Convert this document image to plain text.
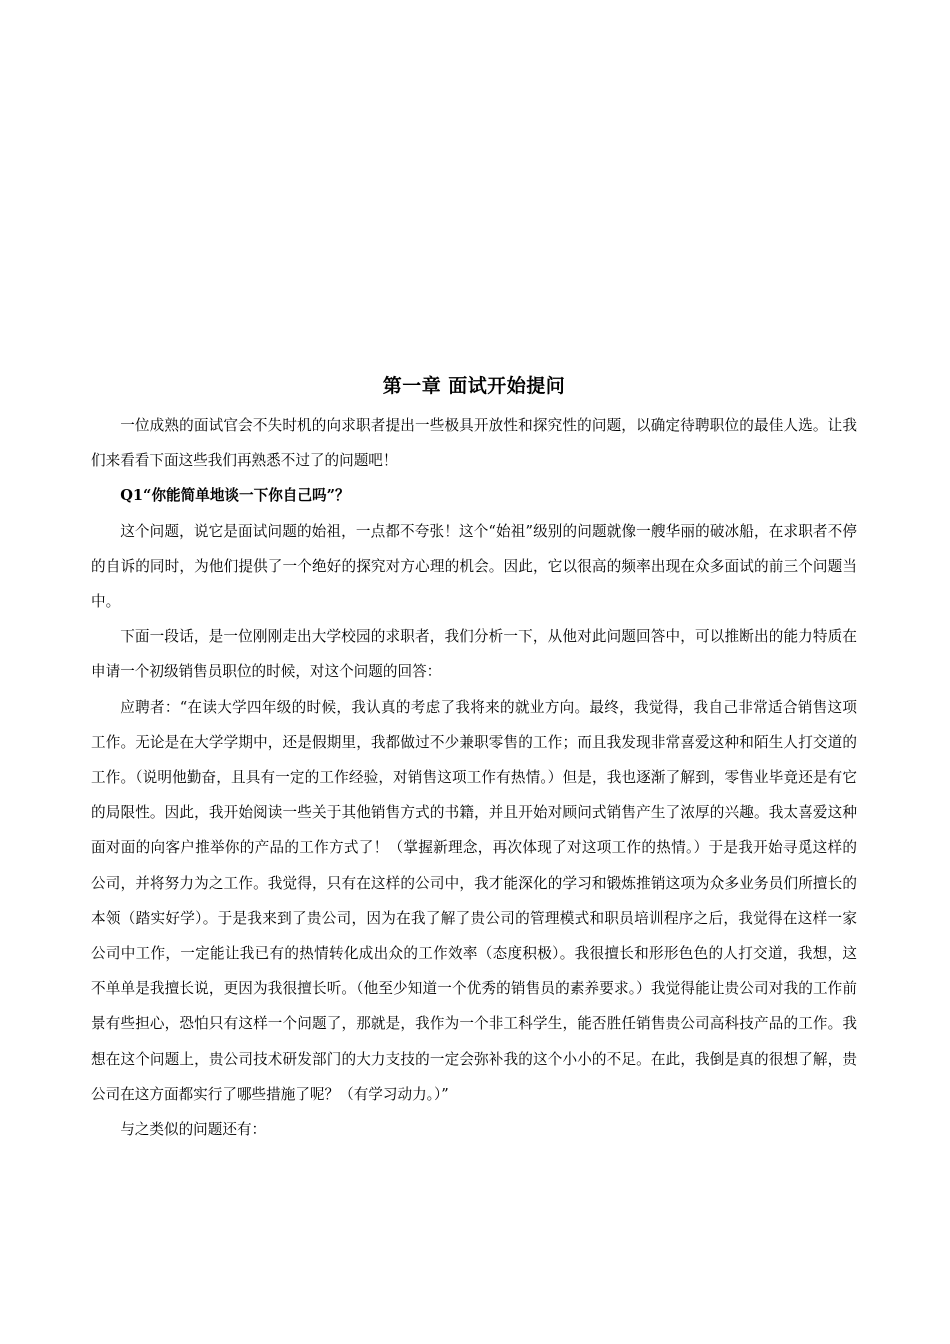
第一章 面试开始提问

一位成熟的面试官会不失时机的向求职者提出一些极具开放性和探究性的问题，以确定待聘职位的最佳人选。让我们来看看下面这些我们再熟悉不过了的问题吧！

Q1“你能简单地谈一下你自己吗”？

这个问题，说它是面试问题的始祖，一点都不夸张！这个“始祖”级别的问题就像一艘华丽的破冰船，在求职者不停的自诉的同时，为他们提供了一个绝好的探究对方心理的机会。因此，它以很高的频率出现在众多面试的前三个问题当中。

下面一段话，是一位刚刚走出大学校园的求职者，我们分析一下，从他对此问题回答中，可以推断出的能力特质在申请一个初级销售员职位的时候，对这个问题的回答：

应聘者：“在读大学四年级的时候，我认真的考虑了我将来的就业方向。最终，我觉得，我自己非常适合销售这项工作。无论是在大学学期中，还是假期里，我都做过不少兼职零售的工作；而且我发现非常喜爱这种和陌生人打交道的工作。（说明他勤奋，且具有一定的工作经验，对销售这项工作有热情。）但是，我也逐渐了解到，零售业毕竟还是有它的局限性。因此，我开始阅读一些关于其他销售方式的书籍，并且开始对顾问式销售产生了浓厚的兴趣。我太喜爱这种面对面的向客户推举你的产品的工作方式了！（掌握新理念，再次体现了对这项工作的热情。）于是我开始寻觅这样的公司，并将努力为之工作。我觉得，只有在这样的公司中，我才能深化的学习和锻炼推销这项为众多业务员们所擅长的本领（踏实好学）。于是我来到了贵公司，因为在我了解了贵公司的管理模式和职员培训程序之后，我觉得在这样一家公司中工作，一定能让我已有的热情转化成出众的工作效率（态度积极）。我很擅长和形形色色的人打交道，我想，这不单单是我擅长说，更因为我很擅长听。（他至少知道一个优秀的销售员的素养要求。）我觉得能让贵公司对我的工作前景有些担心，恐怕只有这样一个问题了，那就是，我作为一个非工科学生，能否胜任销售贵公司高科技产品的工作。我想在这个问题上，贵公司技术研发部门的大力支技的一定会弥补我的这个小小的不足。在此，我倒是真的很想了解，贵公司在这方面都实行了哪些措施了呢？（有学习动力。）”

与之类似的问题还有：
